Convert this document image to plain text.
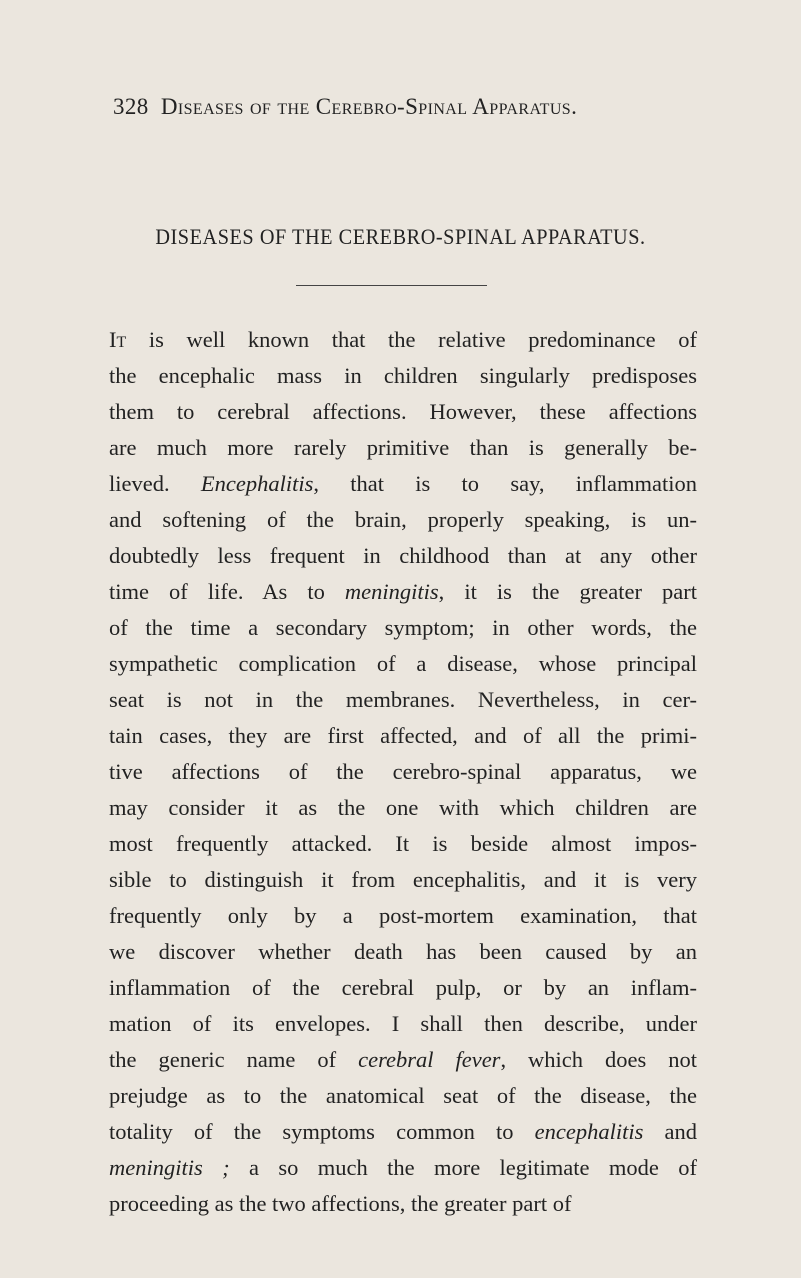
328 Diseases of the Cerebro-Spinal Apparatus.
DISEASES OF THE CEREBRO-SPINAL APPARATUS.
It is well known that the relative predominance of
the encephalic mass in children singularly predisposes
them to cerebral affections. However, these affections
are much more rarely primitive than is generally be-
lieved. Encephalitis, that is to say, inflammation
and softening of the brain, properly speaking, is un-
doubtedly less frequent in childhood than at any other
time of life. As to meningitis, it is the greater part
of the time a secondary symptom; in other words, the
sympathetic complication of a disease, whose principal
seat is not in the membranes. Nevertheless, in cer-
tain cases, they are first affected, and of all the primi-
tive affections of the cerebro-spinal apparatus, we
may consider it as the one with which children are
most frequently attacked. It is beside almost impos-
sible to distinguish it from encephalitis, and it is very
frequently only by a post-mortem examination, that
we discover whether death has been caused by an
inflammation of the cerebral pulp, or by an inflam-
mation of its envelopes. I shall then describe, under
the generic name of cerebral fever, which does not
prejudge as to the anatomical seat of the disease, the
totality of the symptoms common to encephalitis and
meningitis ; a so much the more legitimate mode of
proceeding as the two affections, the greater part of
